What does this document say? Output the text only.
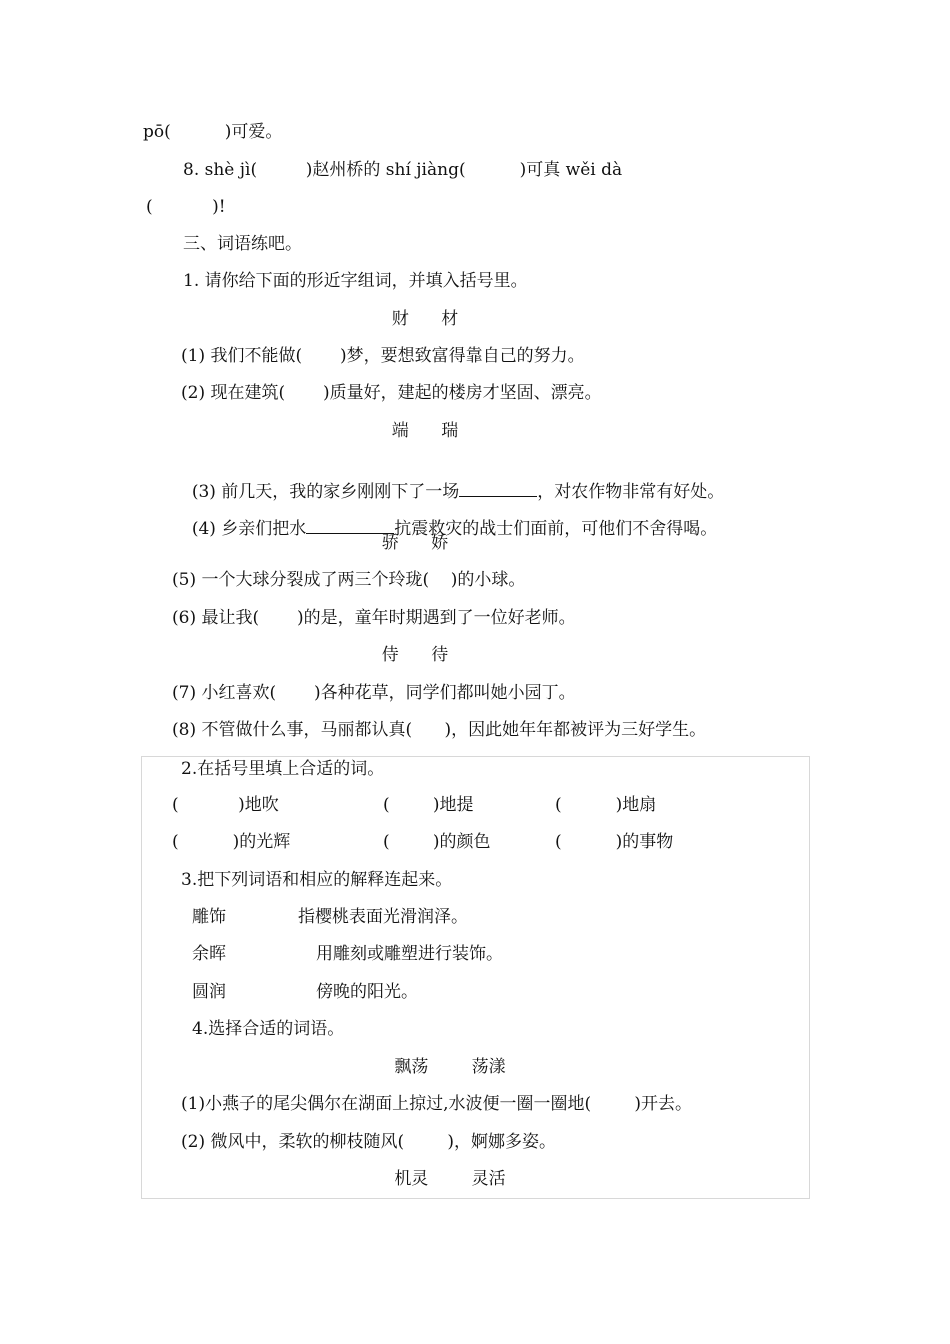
pō(          )可爱。
8. shè jì(         )赵州桥的 shí jiàng(          )可真 wěi dà
(           )!
三、词语练吧。
1. 请你给下面的形近字组词，并填入括号里。
财      材
(1) 我们不能做(       )梦，要想致富得靠自己的努力。
(2) 现在建筑(       )质量好，建起的楼房才坚固、漂亮。
端      瑞

(3) 前几天，我的家乡刚刚下了一场	，对农作物非常有好处。

(4) 乡亲们把水	抗震救灾的战士们面前，可他们不舍得喝。

骄      娇
(5) 一个大球分裂成了两三个玲珑(    )的小球。
(6) 最让我(       )的是，童年时期遇到了一位好老师。
侍      待
(7) 小红喜欢(       )各种花草，同学们都叫她小园丁。
(8) 不管做什么事，马丽都认真(      )，因此她年年都被评为三好学生。
2.在括号里填上合适的词。
(           )地吹	(        )地提	(          )地扇
(          )的光辉	(        )的颜色	(          )的事物
3.把下列词语和相应的解释连起来。
雕饰	指樱桃表面光滑润泽。
余晖	用雕刻或雕塑进行装饰。
圆润	傍晚的阳光。
4.选择合适的词语。
飘荡        荡漾
(1)小燕子的尾尖偶尔在湖面上掠过,水波便一圈一圈地(        )开去。
(2) 微风中，柔软的柳枝随风(        )，婀娜多姿。
机灵        灵活
